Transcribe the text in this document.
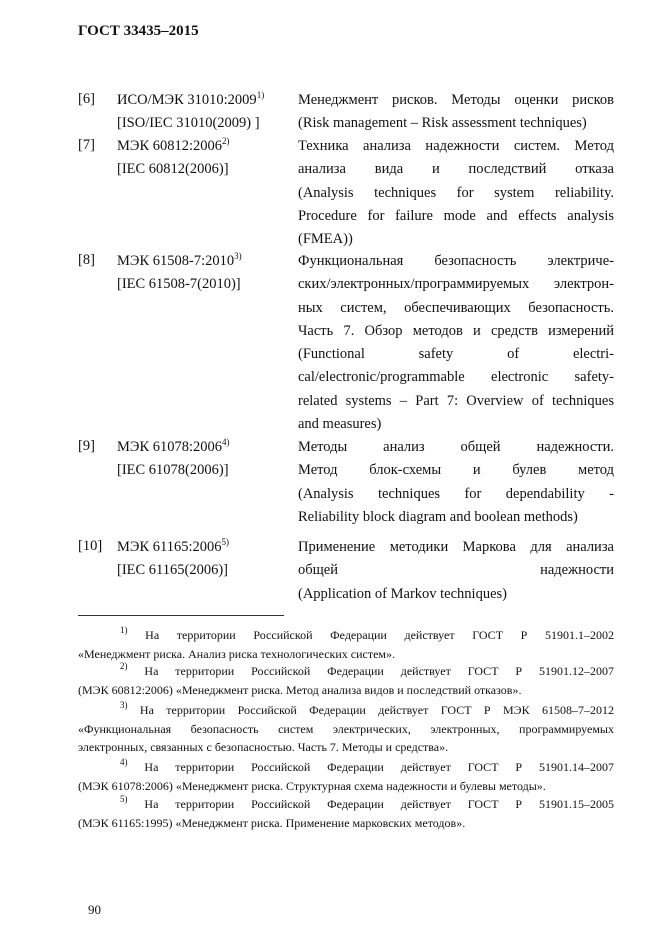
ГОСТ 33435–2015
[6] ИСО/МЭК 31010:2009$^{1)}$
[ISO/IEC 31010(2009) ]
Менеджмент рисков. Методы оценки рисков
(Risk management – Risk assessment techniques)
[7] МЭК 60812:2006$^{2)}$
[IEC 60812(2006)]
Техника анализа надежности систем. Метод
анализа вида и последствий отказа
(Analysis techniques for system reliability.
Procedure for failure mode and effects analysis
(FMEA))
[8] МЭК 61508-7:2010$^{3)}$
[IEC 61508-7(2010)]
Функциональная безопасность электриче-
ских/электронных/программируемых электрон-
ных систем, обеспечивающих безопасность.
Часть 7. Обзор методов и средств измерений
(Functional safety of electri-
cal/electronic/programmable electronic safety-
related systems – Part 7: Overview of techniques
and measures)
[9] МЭК 61078:2006$^{4)}$
[IEC 61078(2006)]
Методы анализ общей надежности.
Метод блок-схемы и булев метод
(Analysis techniques for dependability -
Reliability block diagram and boolean methods)
[10] МЭК 61165:2006$^{5)}$
[IEC 61165(2006)]
Применение методики Маркова для анализа
общей надежности
(Application of Markov techniques)
$^{1)}$ На территории Российской Федерации действует ГОСТ Р 51901.1–2002
«Менеджмент риска. Анализ риска технологических систем».
$^{2)}$ На территории Российской Федерации действует ГОСТ Р 51901.12–2007
(МЭК 60812:2006) «Менеджмент риска. Метод анализа видов и последствий отказов».
$^{3)}$ На территории Российской Федерации действует ГОСТ Р МЭК 61508–7–2012
«Функциональная безопасность систем электрических, электронных, программируемых
электронных, связанных с безопасностью. Часть 7. Методы и средства».
$^{4)}$ На территории Российской Федерации действует ГОСТ Р 51901.14–2007
(МЭК 61078:2006) «Менеджмент риска. Структурная схема надежности и булевы методы».
$^{5)}$ На территории Российской Федерации действует ГОСТ Р 51901.15–2005
(МЭК 61165:1995) «Менеджмент риска. Применение марковских методов».
90
